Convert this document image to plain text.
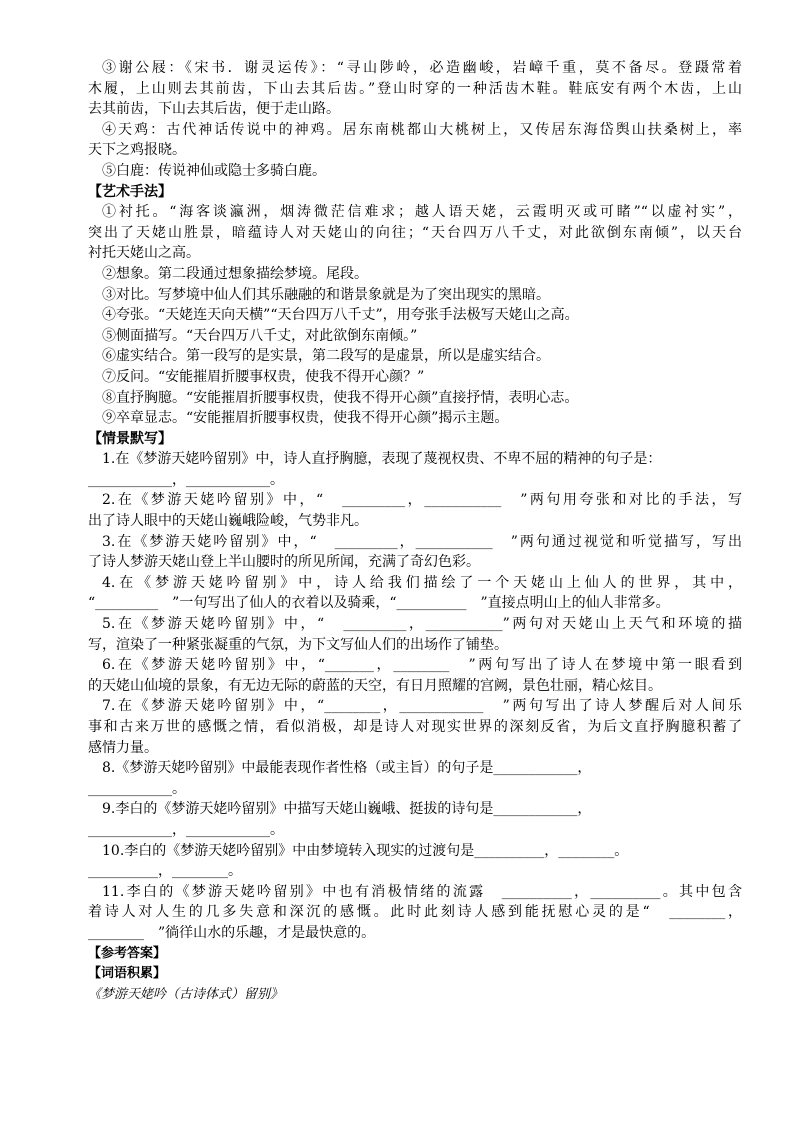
③谢公屐：《宋书．谢灵运传》：“寻山陟岭，必造幽峻，岩嶂千重，莫不备尽。登蹑常着
木履，上山则去其前齿，下山去其后齿。”登山时穿的一种活齿木鞋。鞋底安有两个木齿，上山
去其前齿，下山去其后齿，便于走山路。
④天鸡：古代神话传说中的神鸡。居东南桃都山大桃树上，又传居东海岱舆山扶桑树上，率
天下之鸡报晓。
⑤白鹿：传说神仙或隐士多骑白鹿。
【艺术手法】
①衬托。“海客谈瀛洲，烟涛微茫信难求；越人语天姥，云霞明灭或可睹”“以虚衬实”，
突出了天姥山胜景，暗蕴诗人对天姥山的向往；“天台四万八千丈，对此欲倒东南倾”，以天台
衬托天姥山之高。
②想象。第二段通过想象描绘梦境。尾段。
③对比。写梦境中仙人们其乐融融的和谐景象就是为了突出现实的黑暗。
④夸张。“天姥连天向天横”“天台四万八千丈”，用夸张手法极写天姥山之高。
⑤侧面描写。“天台四万八千丈，对此欲倒东南倾。”
⑥虚实结合。第一段写的是实景，第二段写的是虚景，所以是虚实结合。
⑦反问。“安能摧眉折腰事权贵，使我不得开心颜？”
⑧直抒胸臆。“安能摧眉折腰事权贵，使我不得开心颜”直接抒情，表明心志。
⑨卒章显志。“安能摧眉折腰事权贵，使我不得开心颜”揭示主题。
【情景默写】
1.在《梦游天姥吟留别》中，诗人直抒胸臆，表现了蔑视权贵、不卑不屈的精神的句子是：
____________，____________。
2.在《梦游天姥吟留别》中，“　_________，___________　”两句用夸张和对比的手法，写
出了诗人眼中的天姥山巍峨险峻，气势非凡。
3.在《梦游天姥吟留别》中，“　_________，___________　”两句通过视觉和听觉描写，写出
了诗人梦游天姥山登上半山腰时的所见所闻，充满了奇幻色彩。
4.在《梦游天姥吟留别》中，诗人给我们描绘了一个天姥山上仙人的世界，其中，
“_________　”一句写出了仙人的衣着以及骑乘，“__________　”直接点明山上的仙人非常多。
5.在《梦游天姥吟留别》中，“　_________，___________”两句对天姥山上天气和环境的描
写，渲染了一种紧张凝重的气氛，为下文写仙人们的出场作了铺垫。
6.在《梦游天姥吟留别》中，“_______，________　”两句写出了诗人在梦境中第一眼看到
的天姥山仙境的景象，有无边无际的蔚蓝的天空，有日月照耀的宫阙，景色壮丽，精心炫目。
7.在《梦游天姥吟留别》中，“________，____________　”两句写出了诗人梦醒后对人间乐
事和古来万世的感慨之情，看似消极，却是诗人对现实世界的深刻反省，为后文直抒胸臆积蓄了
感情力量。
8.《梦游天姥吟留别》中最能表现作者性格（或主旨）的句子是____________，
____________。
9.李白的《梦游天姥吟留别》中描写天姥山巍峨、挺拔的诗句是____________，
____________，____________。
10.李白的《梦游天姥吟留别》中由梦境转入现实的过渡句是__________，________。
__________，________。
11.李白的《梦游天姥吟留别》中也有消极情绪的流露　__________，__________。其中包含
着诗人对人生的几多失意和深沉的感慨。此时此刻诗人感到能抚慰心灵的是“　________，
________　”徜徉山水的乐趣，才是最快意的。
【参考答案】
【词语积累】
《梦游天姥吟（古诗体式）留别》
